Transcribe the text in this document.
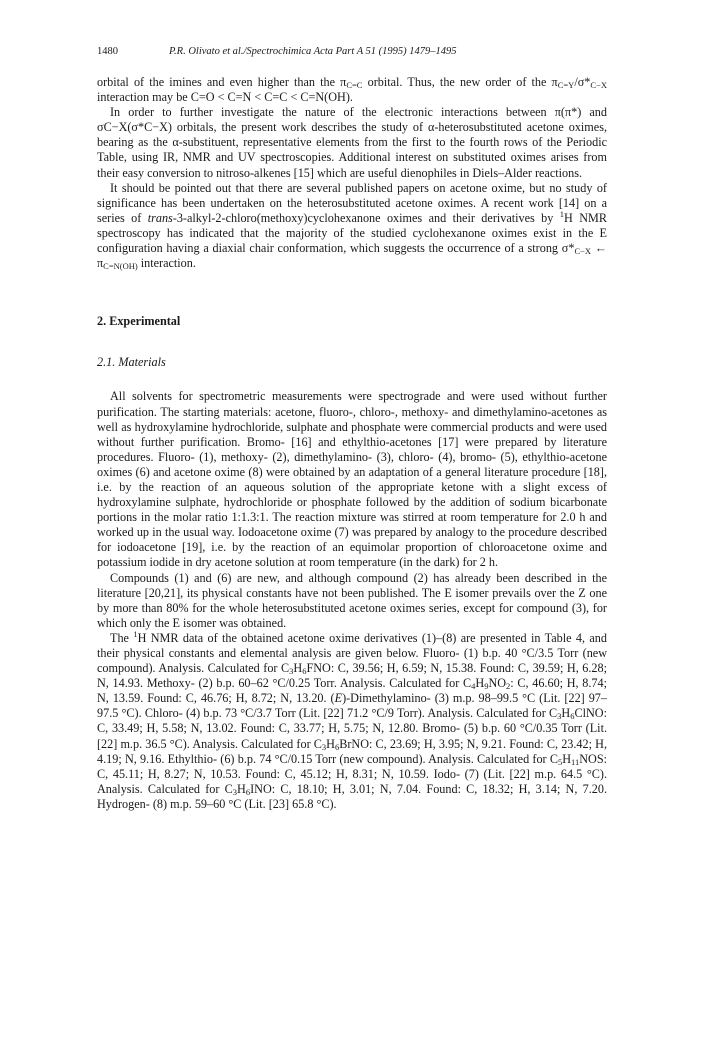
1480	P.R. Olivato et al./Spectrochimica Acta Part A 51 (1995) 1479–1495

orbital of the imines and even higher than the $\pi_{C=C}$ orbital. Thus, the new order of the $\pi_{C=Y}/\sigma*_{C-X}$ interaction may be C=O < C=N < C=C < C=N(OH).

In order to further investigate the nature of the electronic interactions between π(π*) and σC−X(σ*C−X) orbitals, the present work describes the study of α-heterosubstituted acetone oximes, bearing as the α-substituent, representative elements from the first to the fourth rows of the Periodic Table, using IR, NMR and UV spectroscopies. Additional interest on substituted oximes arises from their easy conversion to nitroso-alkenes [15] which are useful dienophiles in Diels–Alder reactions.

It should be pointed out that there are several published papers on acetone oxime, but no study of significance has been undertaken on the heterosubstituted acetone oximes. A recent work [14] on a series of trans-3-alkyl-2-chloro(methoxy)cyclohexanone oximes and their derivatives by $^1$H NMR spectroscopy has indicated that the majority of the studied cyclohexanone oximes exist in the E configuration having a diaxial chair conformation, which suggests the occurrence of a strong $\sigma*_{C-X}$ ← $\pi_{C=N(OH)}$ interaction.

2. Experimental

2.1. Materials

All solvents for spectrometric measurements were spectrograde and were used without further purification. The starting materials: acetone, fluoro-, chloro-, methoxy- and dimethylamino-acetones as well as hydroxylamine hydrochloride, sulphate and phosphate were commercial products and were used without further purification. Bromo- [16] and ethylthio-acetones [17] were prepared by literature procedures. Fluoro- (1), methoxy- (2), dimethylamino- (3), chloro- (4), bromo- (5), ethylthio-acetone oximes (6) and acetone oxime (8) were obtained by an adaptation of a general literature procedure [18], i.e. by the reaction of an aqueous solution of the appropriate ketone with a slight excess of hydroxylamine sulphate, hydrochloride or phosphate followed by the addition of sodium bicarbonate portions in the molar ratio 1:1.3:1. The reaction mixture was stirred at room temperature for 2.0 h and worked up in the usual way. Iodoacetone oxime (7) was prepared by analogy to the procedure described for iodoacetone [19], i.e. by the reaction of an equimolar proportion of chloroacetone oxime and potassium iodide in dry acetone solution at room temperature (in the dark) for 2 h.

Compounds (1) and (6) are new, and although compound (2) has already been described in the literature [20,21], its physical constants have not been published. The E isomer prevails over the Z one by more than 80% for the whole heterosubstituted acetone oximes series, except for compound (3), for which only the E isomer was obtained.

The $^1$H NMR data of the obtained acetone oxime derivatives (1)–(8) are presented in Table 4, and their physical constants and elemental analysis are given below. Fluoro- (1) b.p. 40 °C/3.5 Torr (new compound). Analysis. Calculated for $C_3H_6FNO$: C, 39.56; H, 6.59; N, 15.38. Found: C, 39.59; H, 6.28; N, 14.93. Methoxy- (2) b.p. 60–62 °C/0.25 Torr. Analysis. Calculated for $C_4H_9NO_2$: C, 46.60; H, 8.74; N, 13.59. Found: C, 46.76; H, 8.72; N, 13.20. (E)-Dimethylamino- (3) m.p. 98–99.5 °C (Lit. [22] 97–97.5 °C). Chloro- (4) b.p. 73 °C/3.7 Torr (Lit. [22] 71.2 °C/9 Torr). Analysis. Calculated for $C_3H_6ClNO$: C, 33.49; H, 5.58; N, 13.02. Found: C, 33.77; H, 5.75; N, 12.80. Bromo- (5) b.p. 60 °C/0.35 Torr (Lit. [22] m.p. 36.5 °C). Analysis. Calculated for $C_3H_6BrNO$: C, 23.69; H, 3.95; N, 9.21. Found: C, 23.42; H, 4.19; N, 9.16. Ethylthio- (6) b.p. 74 °C/0.15 Torr (new compound). Analysis. Calculated for $C_5H_{11}NOS$: C, 45.11; H, 8.27; N, 10.53. Found: C, 45.12; H, 8.31; N, 10.59. Iodo- (7) (Lit. [22] m.p. 64.5 °C). Analysis. Calculated for $C_3H_6INO$: C, 18.10; H, 3.01; N, 7.04. Found: C, 18.32; H, 3.14; N, 7.20. Hydrogen- (8) m.p. 59–60 °C (Lit. [23] 65.8 °C).
